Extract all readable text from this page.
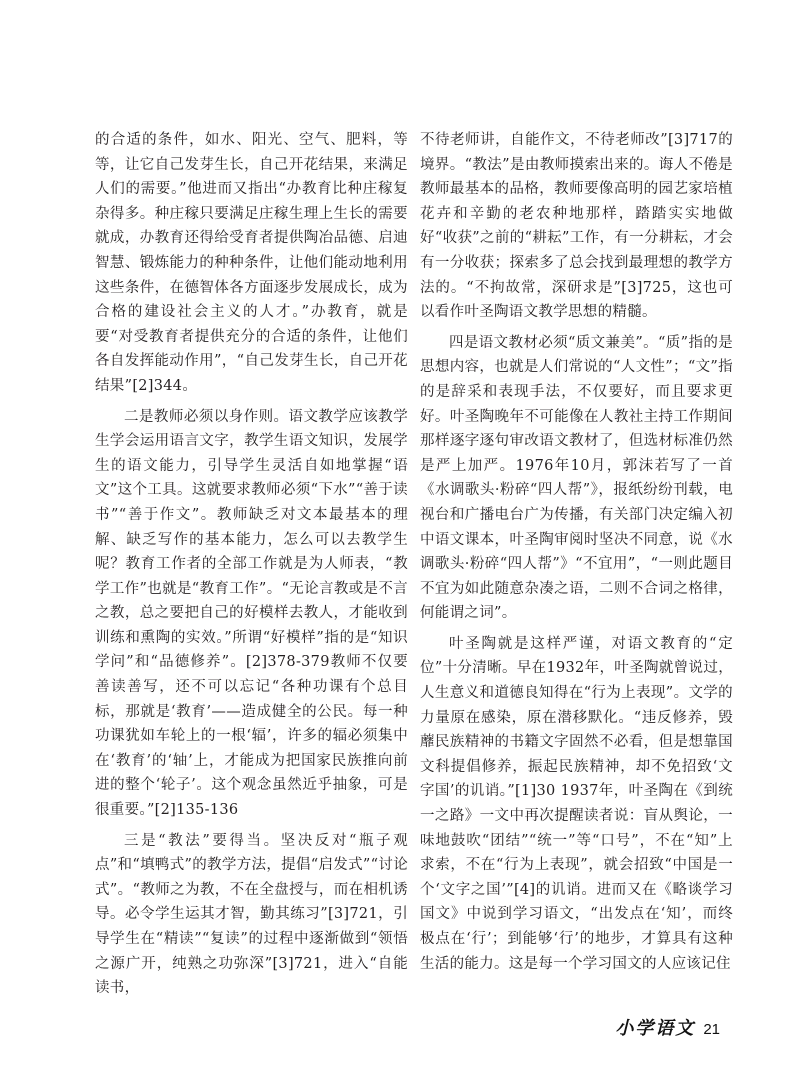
的合适的条件，如水、阳光、空气、肥料，等等，让它自己发芽生长，自己开花结果，来满足人们的需要。”他进而又指出“办教育比种庄稼复杂得多。种庄稼只要满足庄稼生理上生长的需要就成，办教育还得给受育者提供陶冶品德、启迪智慧、锻炼能力的种种条件，让他们能动地利用这些条件，在德智体各方面逐步发展成长，成为合格的建设社会主义的人才。”办教育，就是要“对受教育者提供充分的合适的条件，让他们各自发挥能动作用”，“自己发芽生长，自己开花结果”[2]344。

二是教师必须以身作则。语文教学应该教学生学会运用语言文字，教学生语文知识，发展学生的语文能力，引导学生灵活自如地掌握“语文”这个工具。这就要求教师必须“下水”“善于读书”“善于作文”。教师缺乏对文本最基本的理解、缺乏写作的基本能力，怎么可以去教学生呢？教育工作者的全部工作就是为人师表，“教学工作”也就是“教育工作”。“无论言教或是不言之教，总之要把自己的好模样去教人，才能收到训练和熏陶的实效。”所谓“好模样”指的是“知识学问”和“品德修养”。[2]378-379教师不仅要善读善写，还不可以忘记“各种功课有个总目标，那就是‘教育’——造成健全的公民。每一种功课犹如车轮上的一根‘辐’，许多的辐必须集中在‘教育’的‘轴’上，才能成为把国家民族推向前进的整个‘轮子’。这个观念虽然近乎抽象，可是很重要。”[2]135-136

三是“教法”要得当。坚决反对“瓶子观点”和“填鸭式”的教学方法，提倡“启发式”“讨论式”。“教师之为教，不在全盘授与，而在相机诱导。必令学生运其才智，勤其练习”[3]721，引导学生在“精读”“复读”的过程中逐渐做到“领悟之源广开，纯熟之功弥深”[3]721，进入“自能读书，

不待老师讲，自能作文，不待老师改”[3]717的境界。“教法”是由教师摸索出来的。诲人不倦是教师最基本的品格，教师要像高明的园艺家培植花卉和辛勤的老农种地那样，踏踏实实地做好“收获”之前的“耕耘”工作，有一分耕耘，才会有一分收获；探索多了总会找到最理想的教学方法的。“不拘故常，深研求是”[3]725，这也可以看作叶圣陶语文教学思想的精髓。

四是语文教材必须“质文兼美”。“质”指的是思想内容，也就是人们常说的“人文性”；“文”指的是辞采和表现手法，不仅要好，而且要求更好。叶圣陶晚年不可能像在人教社主持工作期间那样逐字逐句审改语文教材了，但选材标准仍然是严上加严。1976年10月，郭沫若写了一首《水调歌头·粉碎“四人帮”》，报纸纷纷刊载，电视台和广播电台广为传播，有关部门决定编入初中语文课本，叶圣陶审阅时坚决不同意，说《水调歌头·粉碎“四人帮”》“不宜用”，“一则此题目不宜为如此随意杂凑之语，二则不合词之格律，何能谓之词”。

叶圣陶就是这样严谨，对语文教育的“定位”十分清晰。早在1932年，叶圣陶就曾说过，人生意义和道德良知得在“行为上表现”。文学的力量原在感染，原在潜移默化。“违反修养，毁蘼民族精神的书籍文字固然不必看，但是想靠国文科提倡修养，振起民族精神，却不免招致‘文字国’的讥诮。”[1]30 1937年，叶圣陶在《到统一之路》一文中再次提醒读者说：盲从舆论，一味地鼓吹“团结”“统一”等“口号”，不在“知”上求索，不在“行为上表现”，就会招致“中国是一个‘文字之国’”[4]的讥诮。进而又在《略谈学习国文》中说到学习语文，“出发点在‘知’，而终极点在‘行’；到能够‘行’的地步，才算具有这种生活的能力。这是每一个学习国文的人应该记住

小学语文 21
